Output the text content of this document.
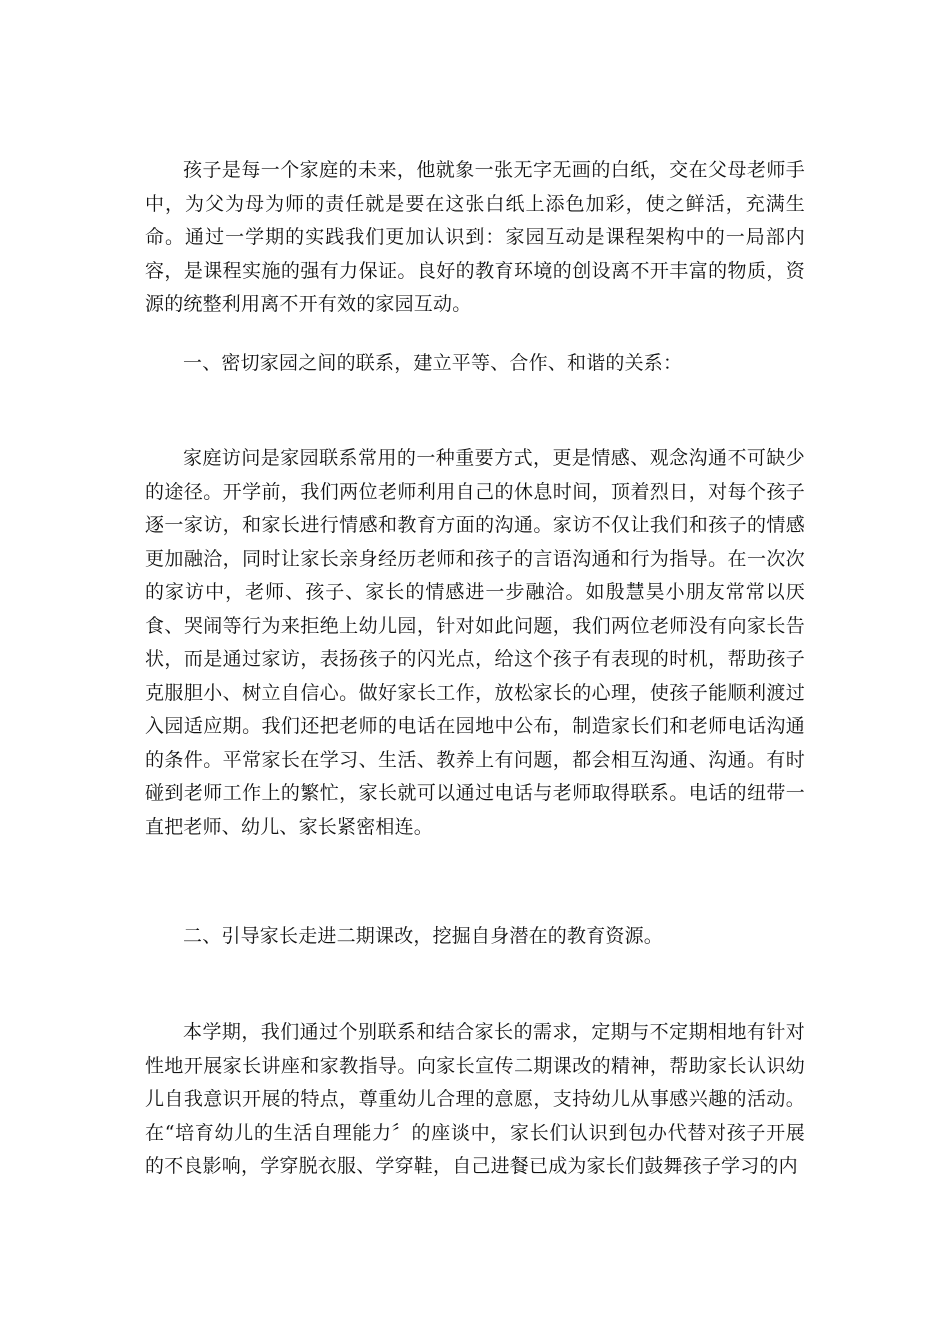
孩子是每一个家庭的未来，他就象一张无字无画的白纸，交在父母老师手中，为父为母为师的责任就是要在这张白纸上添色加彩，使之鲜活，充满生命。通过一学期的实践我们更加认识到：家园互动是课程架构中的一局部内容，是课程实施的强有力保证。良好的教育环境的创设离不开丰富的物质，资源的统整利用离不开有效的家园互动。

一、密切家园之间的联系，建立平等、合作、和谐的关系：

家庭访问是家园联系常用的一种重要方式，更是情感、观念沟通不可缺少的途径。开学前，我们两位老师利用自己的休息时间，顶着烈日，对每个孩子逐一家访，和家长进行情感和教育方面的沟通。家访不仅让我们和孩子的情感更加融洽，同时让家长亲身经历老师和孩子的言语沟通和行为指导。在一次次的家访中，老师、孩子、家长的情感进一步融洽。如殷慧昊小朋友常常以厌食、哭闹等行为来拒绝上幼儿园，针对如此问题，我们两位老师没有向家长告状，而是通过家访，表扬孩子的闪光点，给这个孩子有表现的时机，帮助孩子克服胆小、树立自信心。做好家长工作，放松家长的心理，使孩子能顺利渡过入园适应期。我们还把老师的电话在园地中公布，制造家长们和老师电话沟通的条件。平常家长在学习、生活、教养上有问题，都会相互沟通、沟通。有时碰到老师工作上的繁忙，家长就可以通过电话与老师取得联系。电话的纽带一直把老师、幼儿、家长紧密相连。

二、引导家长走进二期课改，挖掘自身潜在的教育资源。

本学期，我们通过个别联系和结合家长的需求，定期与不定期相地有针对性地开展家长讲座和家教指导。向家长宣传二期课改的精神，帮助家长认识幼儿自我意识开展的特点，尊重幼儿合理的意愿，支持幼儿从事感兴趣的活动。在“培育幼儿的生活自理能力〞的座谈中，家长们认识到包办代替对孩子开展的不良影响，学穿脱衣服、学穿鞋，自己进餐已成为家长们鼓舞孩子学习的内
